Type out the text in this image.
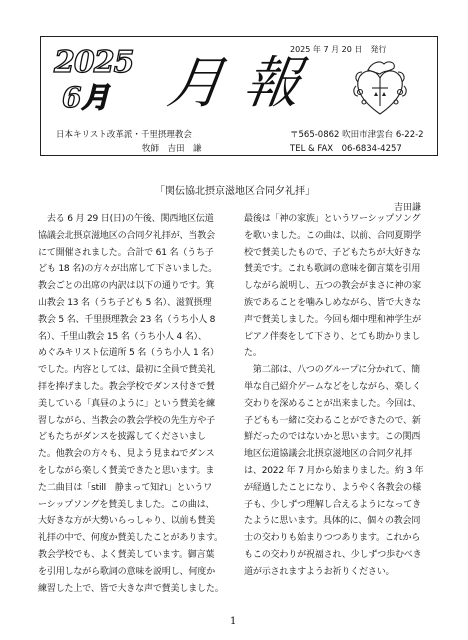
2025 年 7 月 20 日　発行
2025
6月 月報
日本キリスト改革派・千里摂理教会
牧師　吉田　謙
〒565-0862 吹田市津雲台 6-22-2
TEL & FAX　06-6834-4257
「関伝協北摂京滋地区合同夕礼拝」
吉田謙
　去る 6 月 29 日(日)の午後、関西地区伝道
協議会北摂京滋地区の合同夕礼拝が、当教会
にて開催されました。合計で 61 名（うち子
ども 18 名)の方々が出席して下さいました。
教会ごとの出席の内訳は以下の通りです。箕
山教会 13 名（うち子ども 5 名）、滋賀摂理
教会 5 名、千里摂理教会 23 名（うち小人 8
名）、千里山教会 15 名（うち小人 4 名）、
めぐみキリスト伝道所 5 名（うち小人 1 名）
でした。内容としては、最初に全員で賛美礼
拝を捧げました。教会学校でダンス付きで賛
美している「真昼のように」という賛美を練
習しながら、当教会の教会学校の先生方や子
どもたちがダンスを披露してくださいまし
た。他教会の方々も、見よう見まねでダンス
をしながら楽しく賛美できたと思います。ま
た二曲目は「still　静まって知れ」というワ
ーシップソングを賛美しました。この曲は、
大好きな方が大勢いらっしゃり、以前も賛美
礼拝の中で、何度か賛美したことがあります。
教会学校でも、よく賛美しています。御言葉
を引用しながら歌詞の意味を説明し、何度か
練習した上で、皆で大きな声で賛美しました。
最後は「神の家族」というワーシップソング
を歌いました。この曲は、以前、合同夏期学
校で賛美したもので、子どもたちが大好きな
賛美です。これも歌詞の意味を御言葉を引用
しながら説明し、五つの教会がまさに神の家
族であることを噛みしめながら、皆で大きな
声で賛美しました。今回も畑中理和神学生が
ピアノ伴奏をして下さり、とても助かりまし
た。
　第二部は、八つのグループに分かれて、簡
単な自己紹介ゲームなどをしながら、楽しく
交わりを深めることが出来ました。今回は、
子どもも一緒に交わることができたので、新
鮮だったのではないかと思います。この関西
地区伝道協議会北摂京滋地区の合同夕礼拝
は、2022 年 7 月から始まりました。約 3 年
が経過したことになり、ようやく各教会の様
子も、少しずつ理解し合えるようになってき
たように思います。具体的に、個々の教会同
士の交わりも始まりつつあります。これから
もこの交わりが祝福され、少しずつ歩むべき
道が示されますようお祈りください。
1
